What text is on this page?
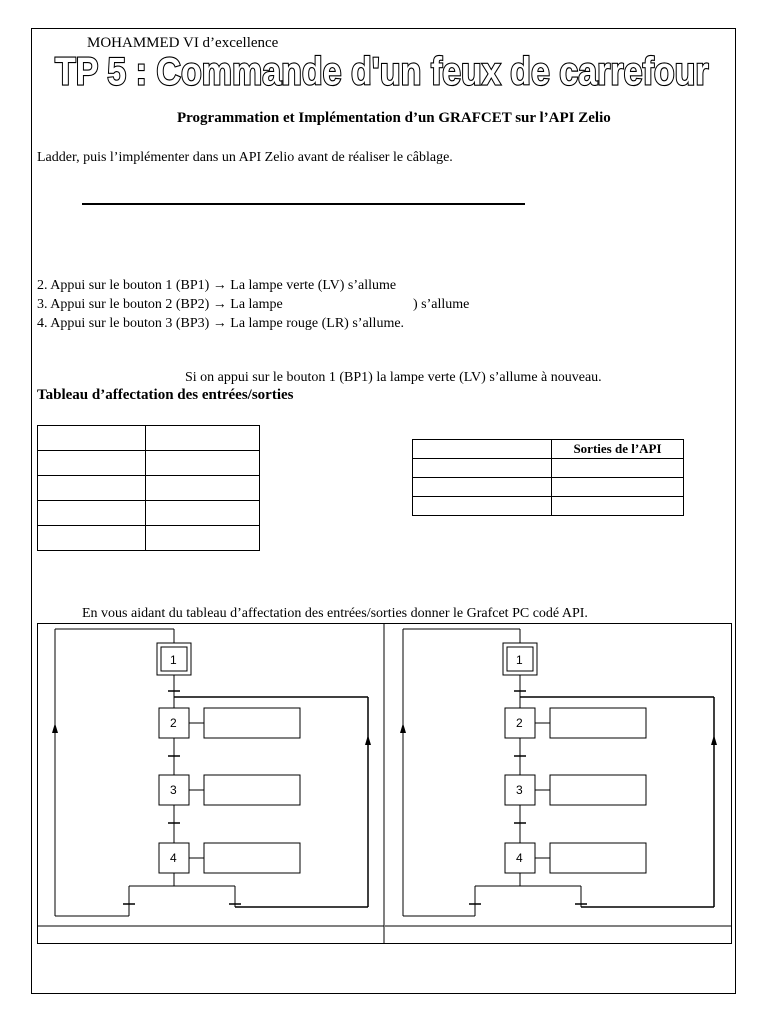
MOHAMMED VI d’excellence
TP 5 : Commande d'un feux de carrefour
Programmation et Implémentation d’un GRAFCET sur l’API Zelio
Ladder, puis l’implémenter dans un API Zelio avant de réaliser le câblage.
2. Appui sur le bouton 1 (BP1) → La lampe verte (LV) s’allume
3. Appui sur le bouton 2 (BP2) → La lampe	) s’allume
4. Appui sur le bouton 3 (BP3) → La lampe rouge (LR) s’allume.
Si on appui sur le bouton 1 (BP1) la lampe verte (LV) s’allume à nouveau.
Tableau d’affectation des entrées/sorties

	Sorties de l’API

En vous aidant du tableau d’affectation des entrées/sorties donner le Grafcet PC codé API.
1
2
3
4
1
2
3
4
